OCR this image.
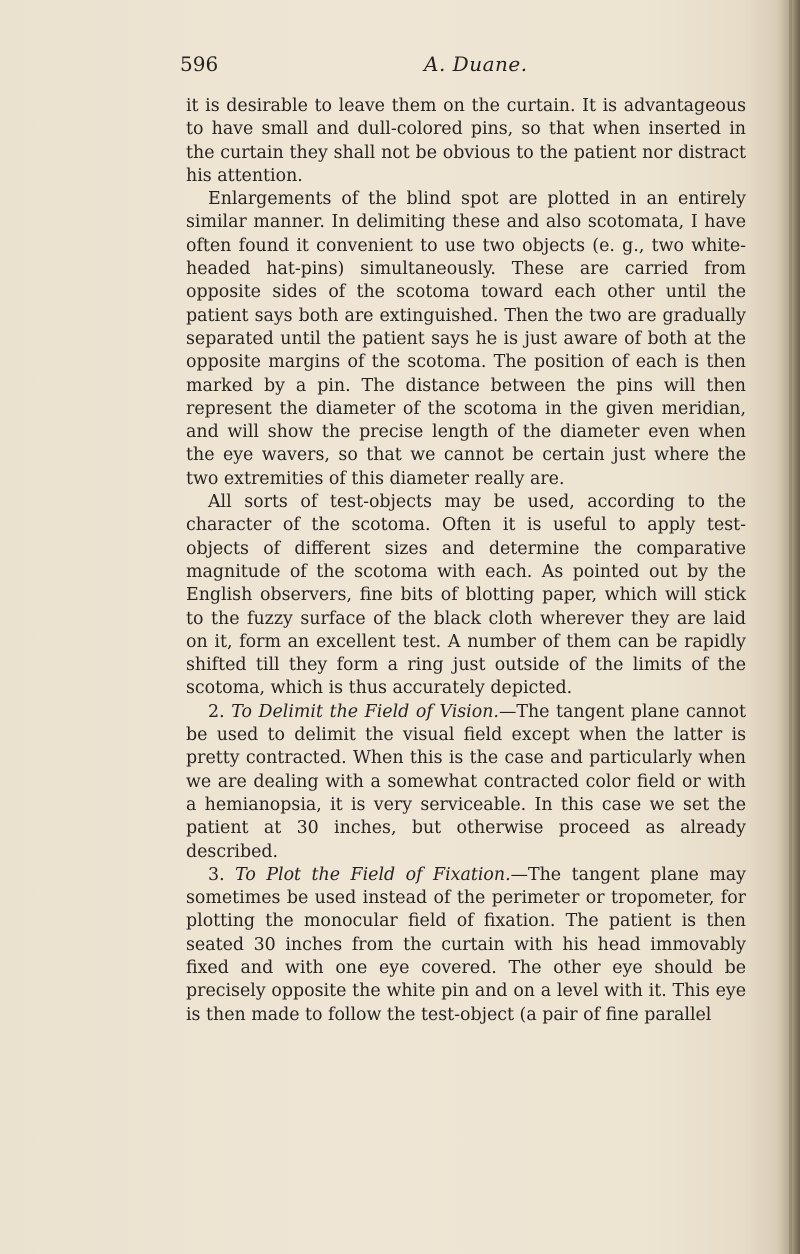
596	A. Duane.

it is desirable to leave them on the curtain. It is advantageous to have small and dull-colored pins, so that when inserted in the curtain they shall not be obvious to the patient nor distract his attention.

Enlargements of the blind spot are plotted in an entirely similar manner. In delimiting these and also scotomata, I have often found it convenient to use two objects (e. g., two white-headed hat-pins) simultaneously. These are carried from opposite sides of the scotoma toward each other until the patient says both are extinguished. Then the two are gradually separated until the patient says he is just aware of both at the opposite margins of the scotoma. The position of each is then marked by a pin. The distance between the pins will then represent the diameter of the scotoma in the given meridian, and will show the precise length of the diameter even when the eye wavers, so that we cannot be certain just where the two extremities of this diameter really are.

All sorts of test-objects may be used, according to the character of the scotoma. Often it is useful to apply test-objects of different sizes and determine the comparative magnitude of the scotoma with each. As pointed out by the English observers, fine bits of blotting paper, which will stick to the fuzzy surface of the black cloth wherever they are laid on it, form an excellent test. A number of them can be rapidly shifted till they form a ring just outside of the limits of the scotoma, which is thus accurately depicted.

2. To Delimit the Field of Vision.—The tangent plane cannot be used to delimit the visual field except when the latter is pretty contracted. When this is the case and particularly when we are dealing with a somewhat contracted color field or with a hemianopsia, it is very serviceable. In this case we set the patient at 30 inches, but otherwise proceed as already described.

3. To Plot the Field of Fixation.—The tangent plane may sometimes be used instead of the perimeter or tropometer, for plotting the monocular field of fixation. The patient is then seated 30 inches from the curtain with his head immovably fixed and with one eye covered. The other eye should be precisely opposite the white pin and on a level with it. This eye is then made to follow the test-object (a pair of fine parallel
